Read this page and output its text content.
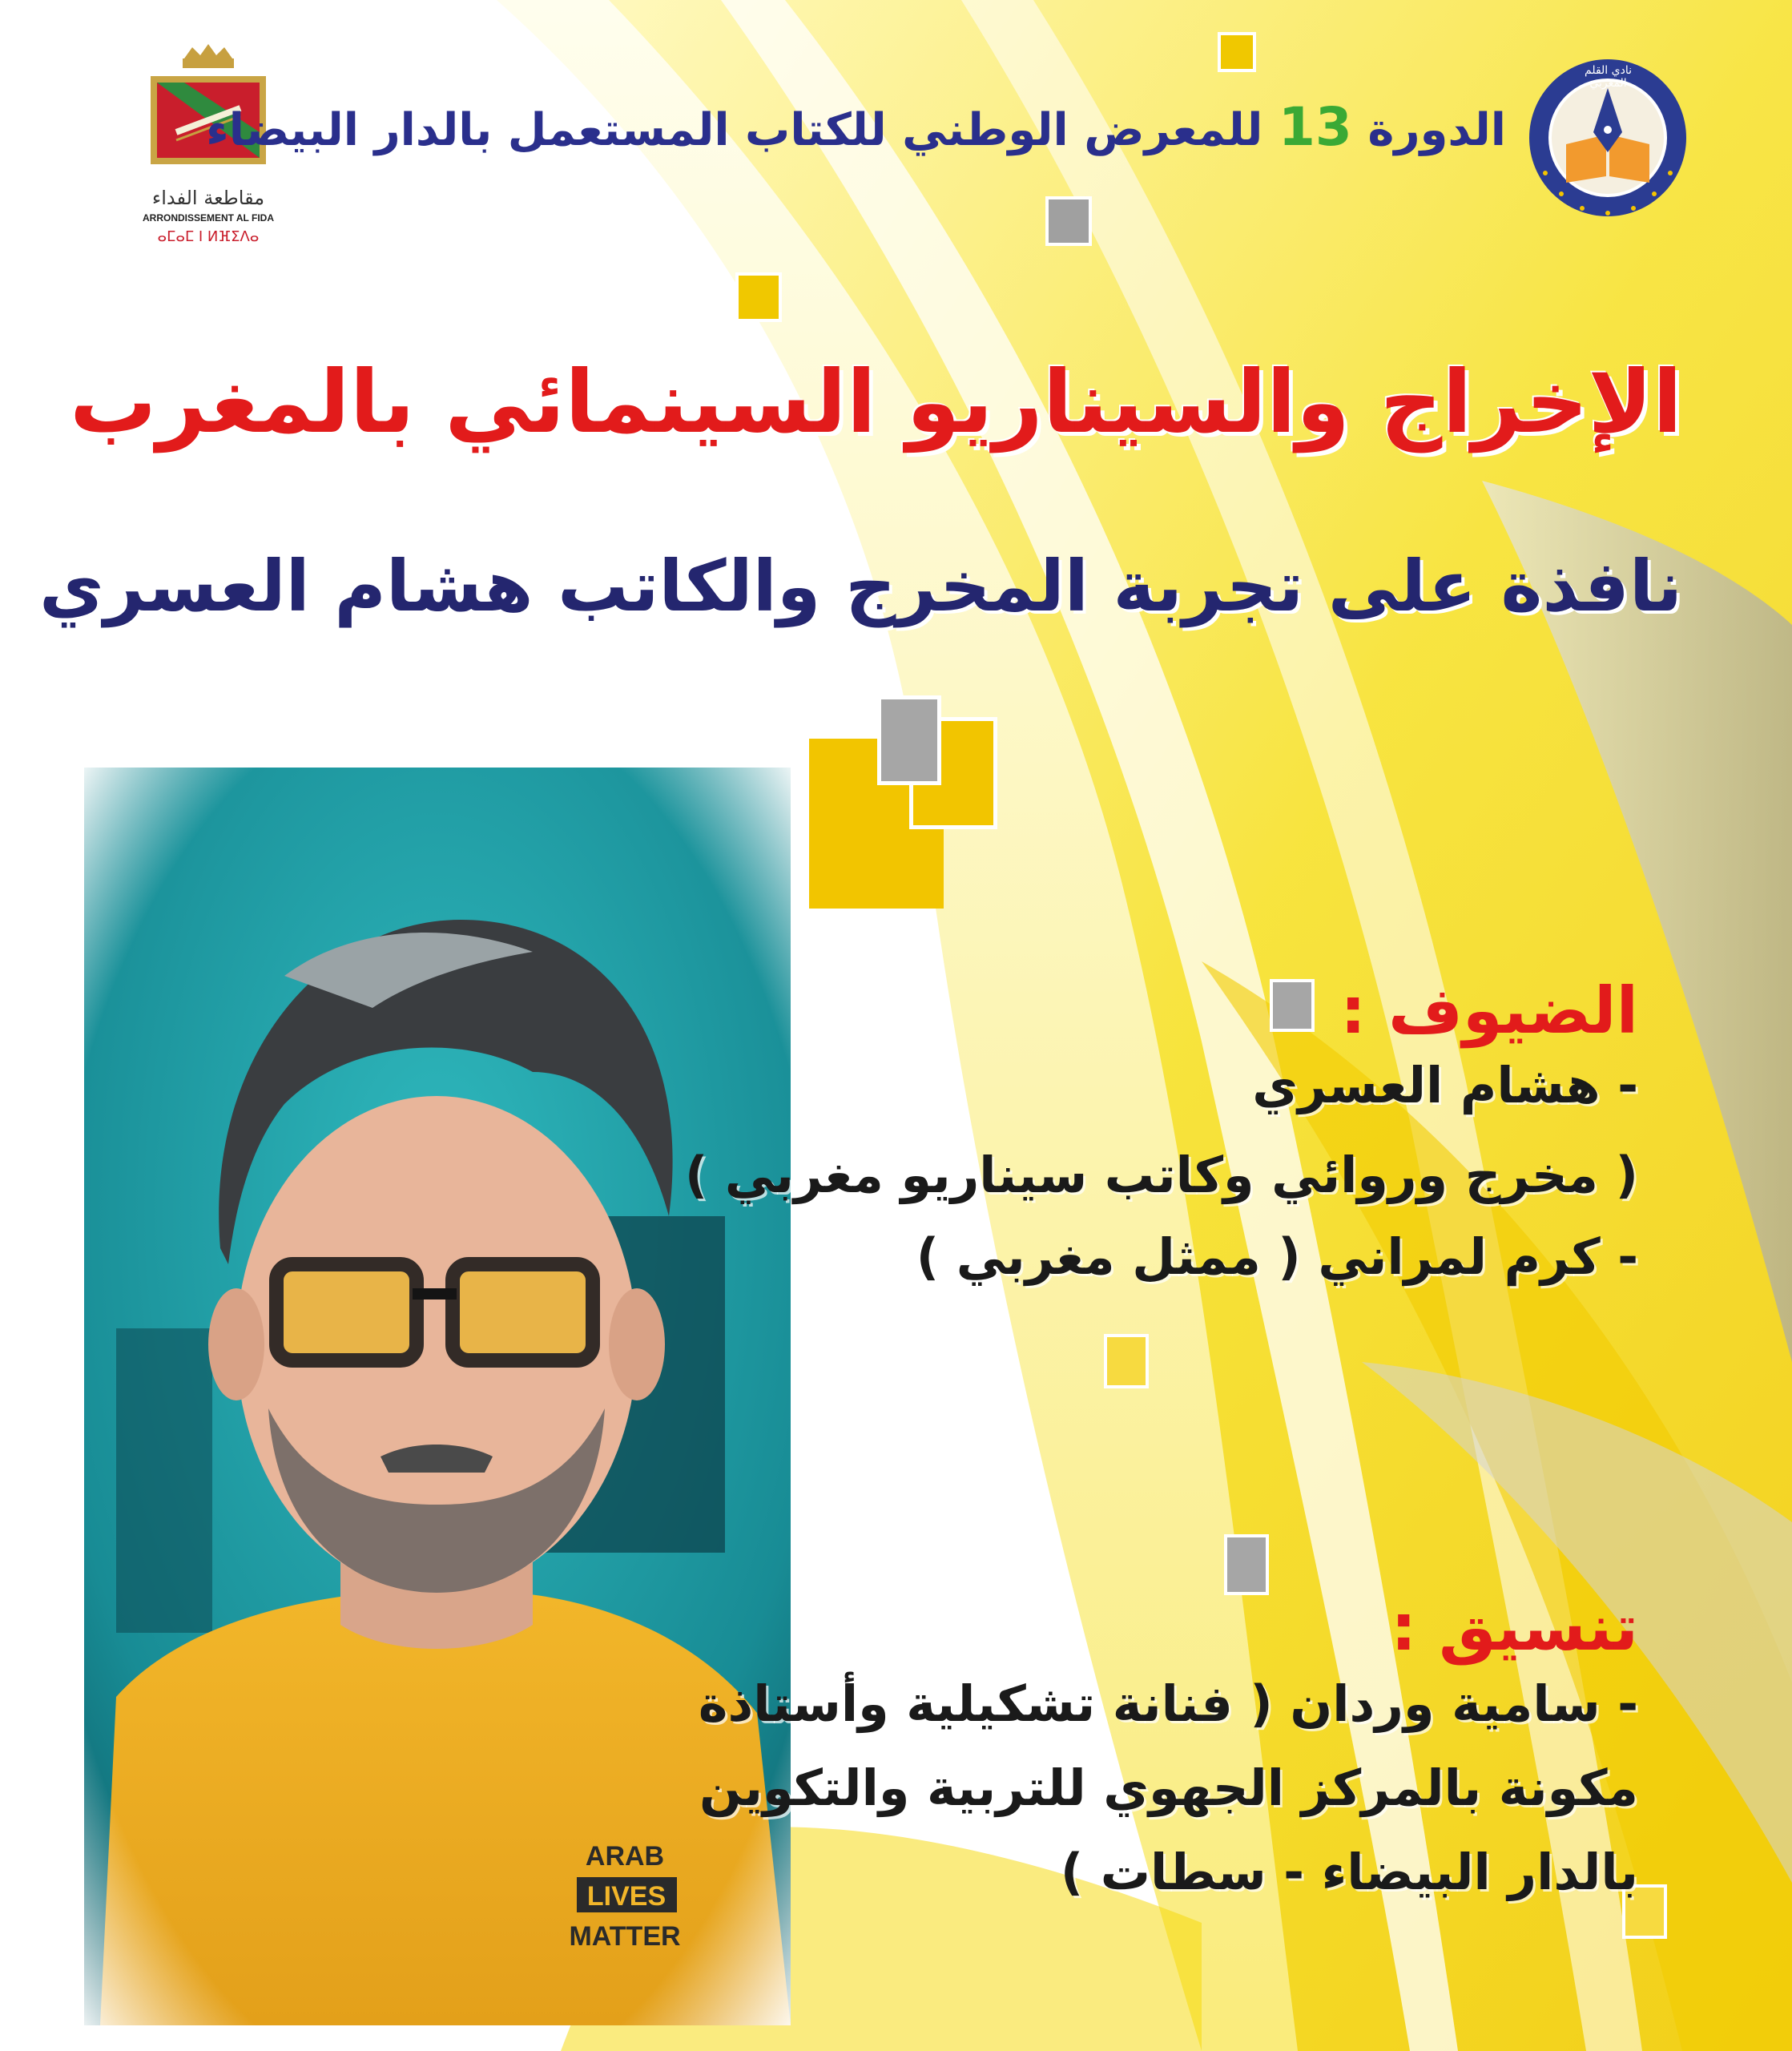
مقاطعة الفداء
ARRONDISSEMENT AL FIDA
ⴰⵎⴰⵎ ⵏ ⵍⴼⵉⴷⴰ
نادي القلم المغربي
الدورة 13 للمعرض الوطني للكتاب المستعمل بالدار البيضاء
الإخراج والسيناريو السينمائي بالمغرب
نافذة على تجربة المخرج والكاتب هشام العسري
الضيوف :
- هشام العسري
( مخرج وروائي وكاتب سيناريو مغربي )
- كرم لمراني ( ممثل مغربي )
تنسيق :
- سامية وردان ( فنانة تشكيلية وأستاذة
مكونة بالمركز الجهوي للتربية والتكوين
بالدار البيضاء - سطات )
